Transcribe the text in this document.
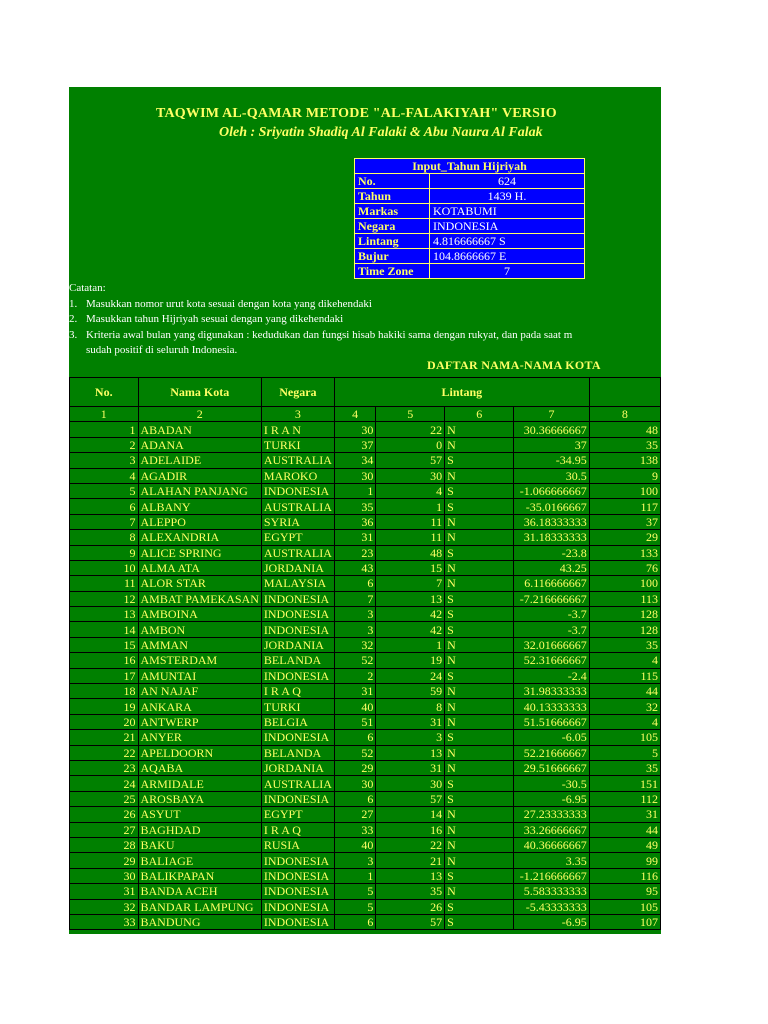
TAQWIM AL-QAMAR METODE "AL-FALAKIYAH" VERSIO
Oleh : Sriyatin Shadiq Al Falaki & Abu Naura Al Falak
Input_Tahun Hijriyah	
No.	624
Tahun	1439 H.
Markas	KOTABUMI
Negara	INDONESIA
Lintang	4.816666667 S
Bujur	104.8666667 E
Time Zone	7
Catatan:
1. Masukkan nomor urut kota sesuai dengan kota yang dikehendaki
2. Masukkan tahun Hijriyah sesuai dengan yang dikehendaki
3. Kriteria awal bulan yang digunakan : kedudukan dan fungsi hisab hakiki sama dengan rukyat, dan pada saat m
sudah positif di seluruh Indonesia.
DAFTAR NAMA-NAMA KOTA
No.	Nama Kota	Negara	Lintang				
1	2	3	4	5	6	7	8
1	ABADAN	I R A N	30	22	N	30.36666667	48
2	ADANA	TURKI	37	0	N	37	35
3	ADELAIDE	AUSTRALIA	34	57	S	-34.95	138
4	AGADIR	MAROKO	30	30	N	30.5	9
5	ALAHAN PANJANG	INDONESIA	1	4	S	-1.066666667	100
6	ALBANY	AUSTRALIA	35	1	S	-35.0166667	117
7	ALEPPO	SYRIA	36	11	N	36.18333333	37
8	ALEXANDRIA	EGYPT	31	11	N	31.18333333	29
9	ALICE SPRING	AUSTRALIA	23	48	S	-23.8	133
10	ALMA ATA	JORDANIA	43	15	N	43.25	76
11	ALOR STAR	MALAYSIA	6	7	N	6.116666667	100
12	AMBAT PAMEKASAN	INDONESIA	7	13	S	-7.216666667	113
13	AMBOINA	INDONESIA	3	42	S	-3.7	128
14	AMBON	INDONESIA	3	42	S	-3.7	128
15	AMMAN	JORDANIA	32	1	N	32.01666667	35
16	AMSTERDAM	BELANDA	52	19	N	52.31666667	4
17	AMUNTAI	INDONESIA	2	24	S	-2.4	115
18	AN NAJAF	I R A Q	31	59	N	31.98333333	44
19	ANKARA	TURKI	40	8	N	40.13333333	32
20	ANTWERP	BELGIA	51	31	N	51.51666667	4
21	ANYER	INDONESIA	6	3	S	-6.05	105
22	APELDOORN	BELANDA	52	13	N	52.21666667	5
23	AQABA	JORDANIA	29	31	N	29.51666667	35
24	ARMIDALE	AUSTRALIA	30	30	S	-30.5	151
25	AROSBAYA	INDONESIA	6	57	S	-6.95	112
26	ASYUT	EGYPT	27	14	N	27.23333333	31
27	BAGHDAD	I R A Q	33	16	N	33.26666667	44
28	BAKU	RUSIA	40	22	N	40.36666667	49
29	BALIAGE	INDONESIA	3	21	N	3.35	99
30	BALIKPAPAN	INDONESIA	1	13	S	-1.216666667	116
31	BANDA ACEH	INDONESIA	5	35	N	5.583333333	95
32	BANDAR LAMPUNG	INDONESIA	5	26	S	-5.43333333	105
33	BANDUNG	INDONESIA	6	57	S	-6.95	107
